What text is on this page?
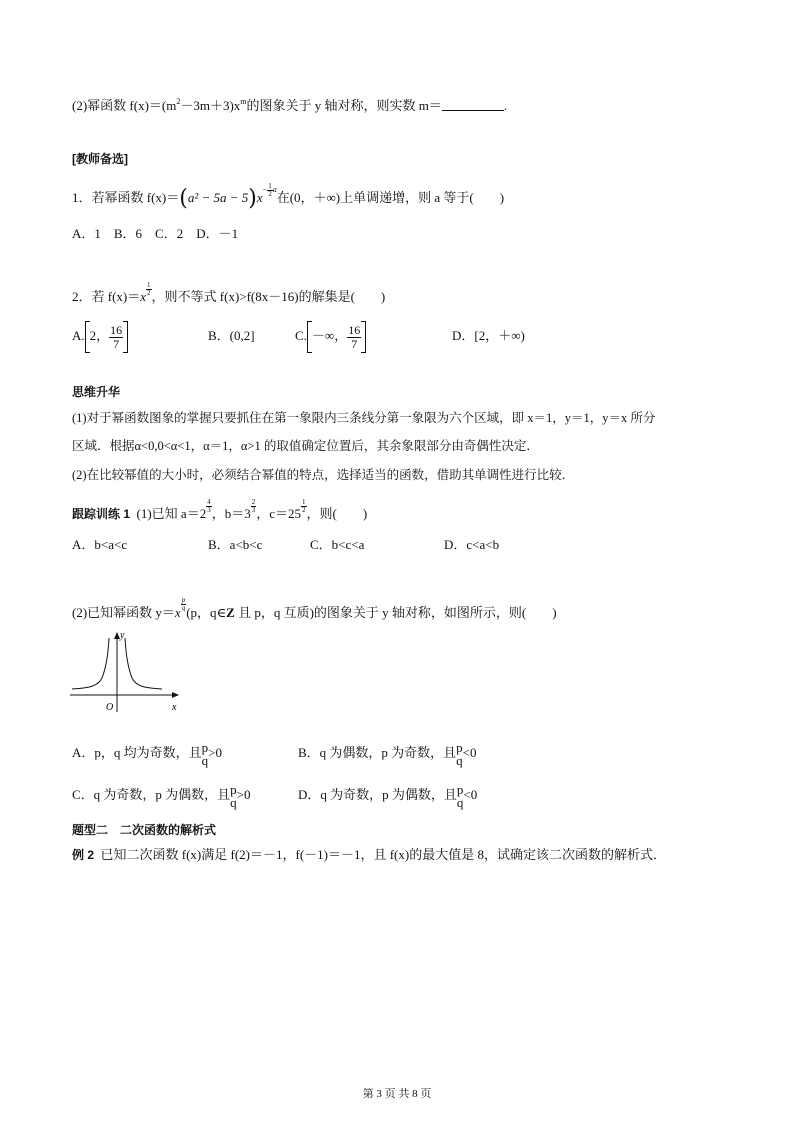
(2)幂函数 $f(x)=(m^2-3m+3)x^m$的图象关于 y 轴对称，则实数 m＝	.
[教师备选]
1．若幂函数 $f(x)=(a^2 - 5a - 5)x- \frac{1}{2}$ a在(0，＋∞)上单调递增，则 a 等于(　　)
A．1　B．6　C．2　D．－1
2．若 $f(x)=x \frac{1}{2}$ ，则不等式 f(x)>f(8x－16)的解集是(　　)
A. 2， $\frac{16}{7}$	B．(0,2]	C. －∞， $\frac{16}{7}$	D．[2，＋∞)
思维升华
(1)对于幂函数图象的掌握只要抓住在第一象限内三条线分第一象限为六个区域，即 x＝1，y＝1，y＝x 所分
区域．根据α<0,0<α<1，α＝1，α>1 的取值确定位置后，其余象限部分由奇偶性决定．
(2)在比较幂值的大小时，必须结合幂值的特点，选择适当的函数，借助其单调性进行比较．
跟踪训练 1 (1)已知 $a=2 \frac{4}{3}$ ，$b=3 \frac{2}{3}$ ，$c=25 \frac{1}{2}$ ，则(　　)
A．b<a<c	B．a<b<c	C．b<c<a	D．c<a<b
(2)已知幂函数 y＝x
$\frac{p}{q}$
(p，q∈Z 且 p，q 互质)的图象关于 y 轴对称，如图所示，则(　　)
y
x
O
A．p，q 均为奇数，且 p
q
>0	B．q 为偶数，p 为奇数，且 p
q
<0
C．q 为奇数，p 为偶数，且 p
q
>0	D．q 为奇数，p 为偶数，且 p
q
<0
题型二　二次函数的解析式
例 2 已知二次函数 f(x)满足 f(2)＝－1，f(－1)＝－1，且 f(x)的最大值是 8，试确定该二次函数的解析式．
第 3 页 共 8 页
